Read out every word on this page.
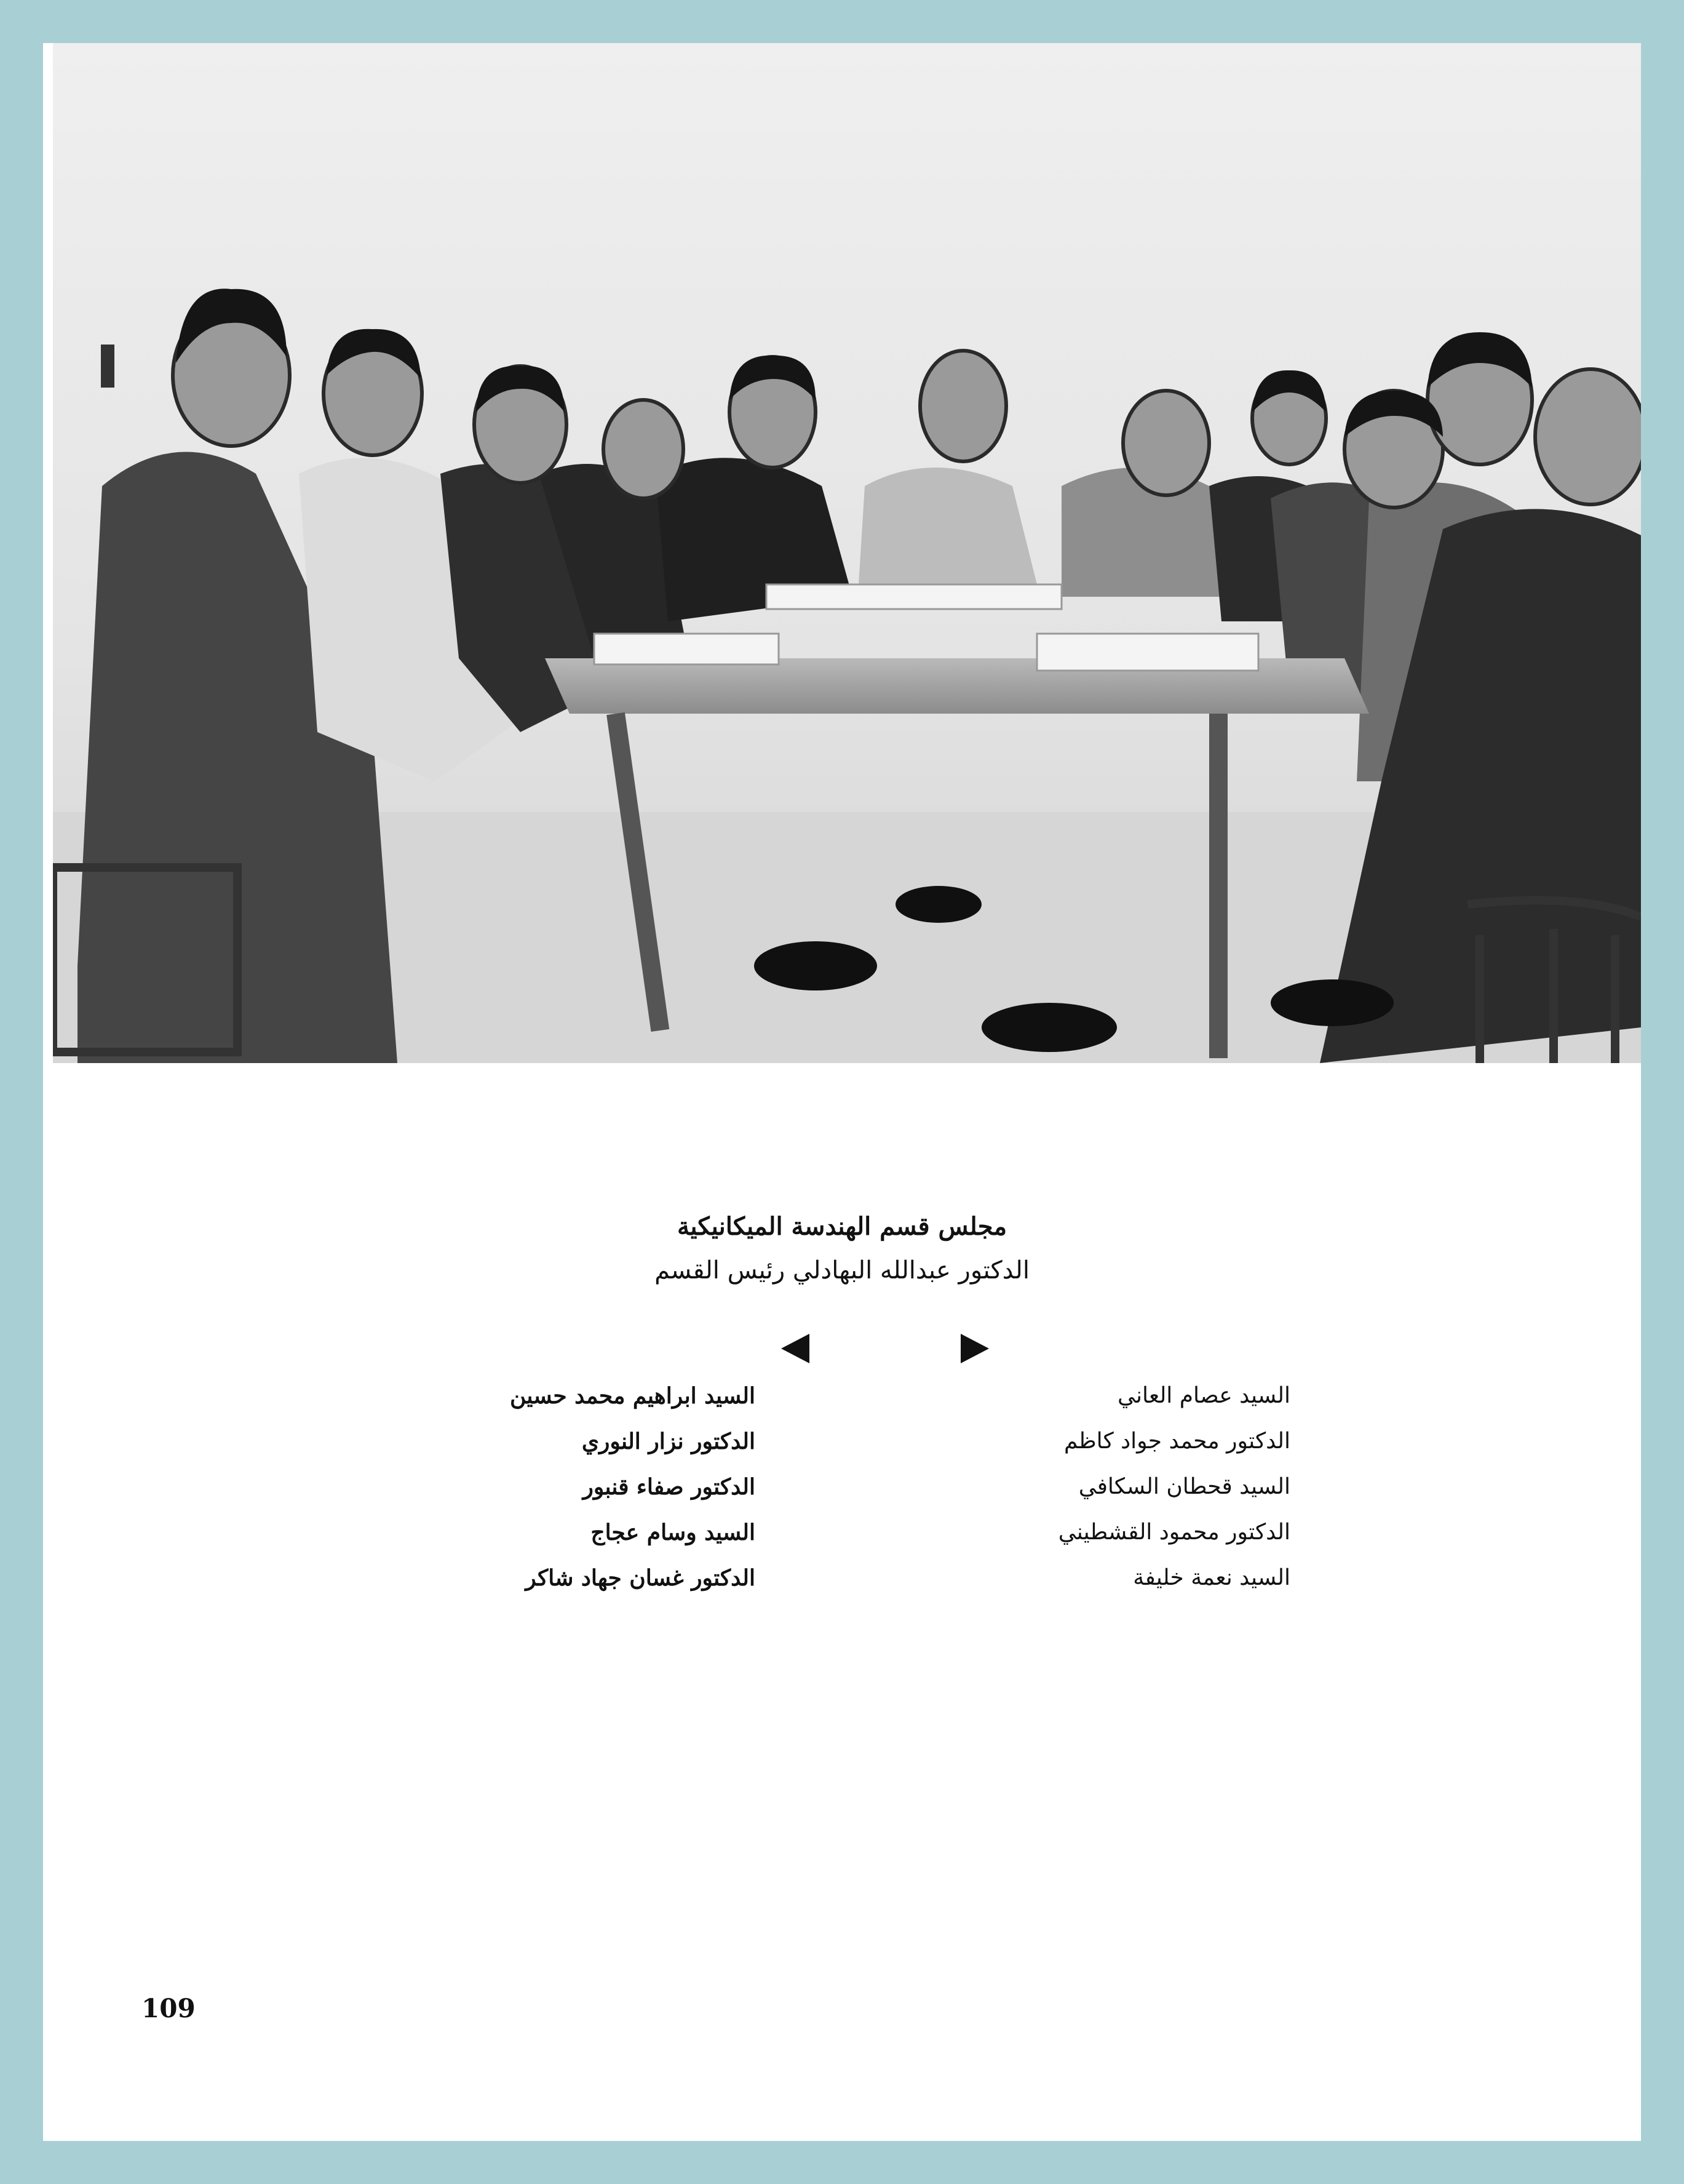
مجلس قسم الهندسة الميكانيكية
الدكتور عبدالله البهادلي رئيس القسم
السيد عصام العاني
الدكتور محمد جواد كاظم
السيد قحطان السكافي
الدكتور محمود القشطيني
السيد نعمة خليفة
السيد ابراهيم محمد حسين
الدكتور نزار النوري
الدكتور صفاء قنبور
السيد وسام عجاج
الدكتور غسان جهاد شاكر
109
